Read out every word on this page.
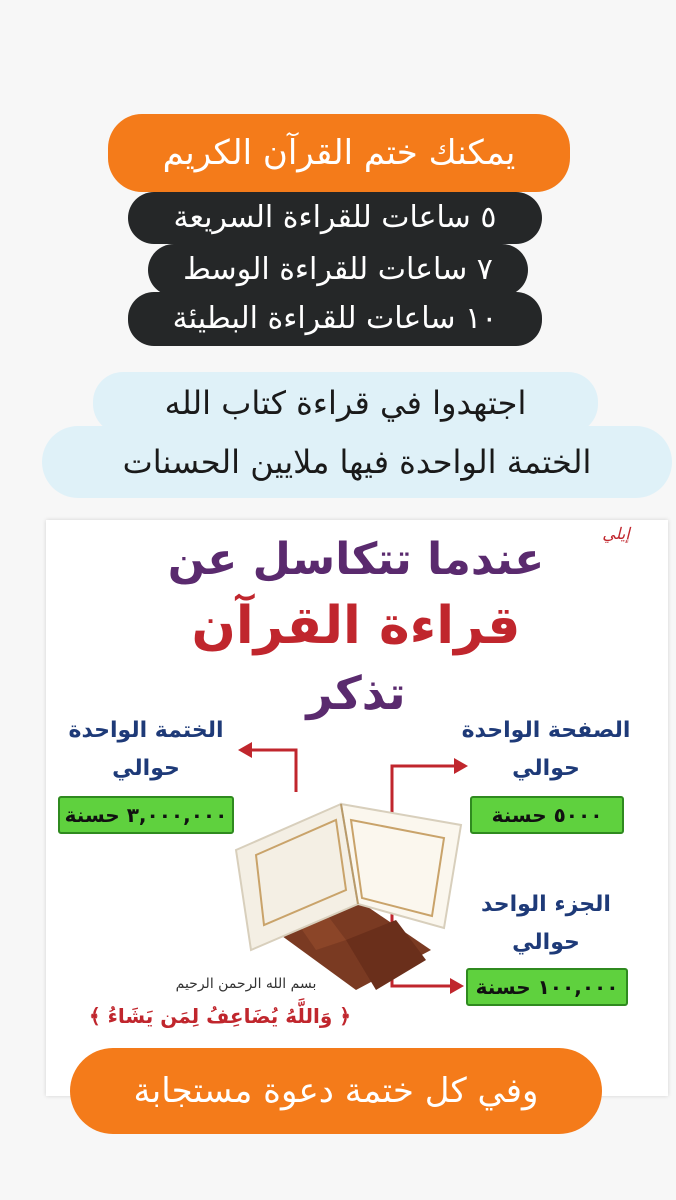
يمكنك ختم القرآن الكريم
٥ ساعات للقراءة السريعة
٧ ساعات للقراءة الوسط
١٠ ساعات للقراءة البطيئة
اجتهدوا في قراءة كتاب الله
الختمة الواحدة فيها ملايين الحسنات
إيلي
عندما تتكاسل عن
قراءة القرآن
تذكر
الصفحة الواحدة
حوالي
٥٠٠٠ حسنة
الختمة الواحدة
حوالي
٣,٠٠٠,٠٠٠ حسنة
الجزء الواحد
حوالي
١٠٠,٠٠٠ حسنة
بسم الله الرحمن الرحيم
﴿ وَاللَّهُ يُضَاعِفُ لِمَن يَشَاءُ ﴾
وفي كل ختمة دعوة مستجابة
